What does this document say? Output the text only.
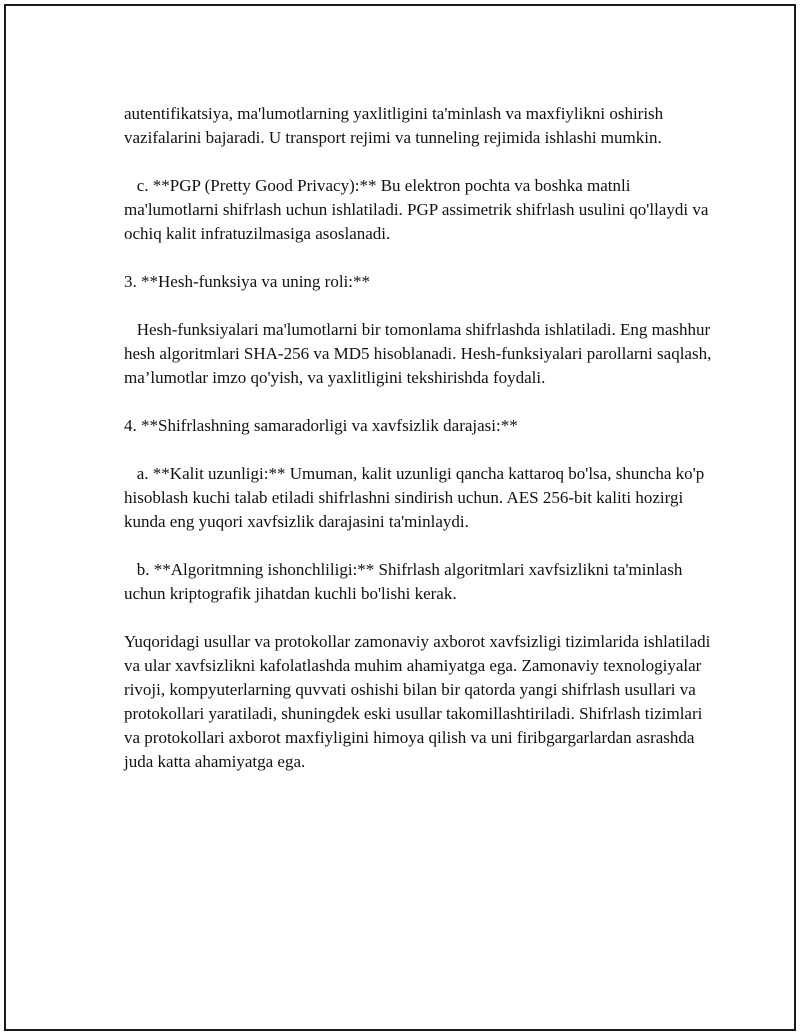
autentifikatsiya, ma'lumotlarning yaxlitligini ta'minlash va maxfiylikni oshirish vazifalarini bajaradi. U transport rejimi va tunneling rejimida ishlashi mumkin.

c. **PGP (Pretty Good Privacy):** Bu elektron pochta va boshka matnli ma'lumotlarni shifrlash uchun ishlatiladi. PGP assimetrik shifrlash usulini qo'llaydi va ochiq kalit infratuzilmasiga asoslanadi.

3. **Hesh-funksiya va uning roli:**

Hesh-funksiyalari ma'lumotlarni bir tomonlama shifrlashda ishlatiladi. Eng mashhur hesh algoritmlari SHA-256 va MD5 hisoblanadi. Hesh-funksiyalari parollarni saqlash, ma’lumotlar imzo qo'yish, va yaxlitligini tekshirishda foydali.

4. **Shifrlashning samaradorligi va xavfsizlik darajasi:**

a. **Kalit uzunligi:** Umuman, kalit uzunligi qancha kattaroq bo'lsa, shuncha ko'p hisoblash kuchi talab etiladi shifrlashni sindirish uchun. AES 256-bit kaliti hozirgi kunda eng yuqori xavfsizlik darajasini ta'minlaydi.

b. **Algoritmning ishonchliligi:** Shifrlash algoritmlari xavfsizlikni ta'minlash uchun kriptografik jihatdan kuchli bo'lishi kerak.

Yuqoridagi usullar va protokollar zamonaviy axborot xavfsizligi tizimlarida ishlatiladi va ular xavfsizlikni kafolatlashda muhim ahamiyatga ega. Zamonaviy texnologiyalar rivoji, kompyuterlarning quvvati oshishi bilan bir qatorda yangi shifrlash usullari va protokollari yaratiladi, shuningdek eski usullar takomillashtiriladi. Shifrlash tizimlari va protokollari axborot maxfiyligini himoya qilish va uni firibgargarlardan asrashda juda katta ahamiyatga ega.
